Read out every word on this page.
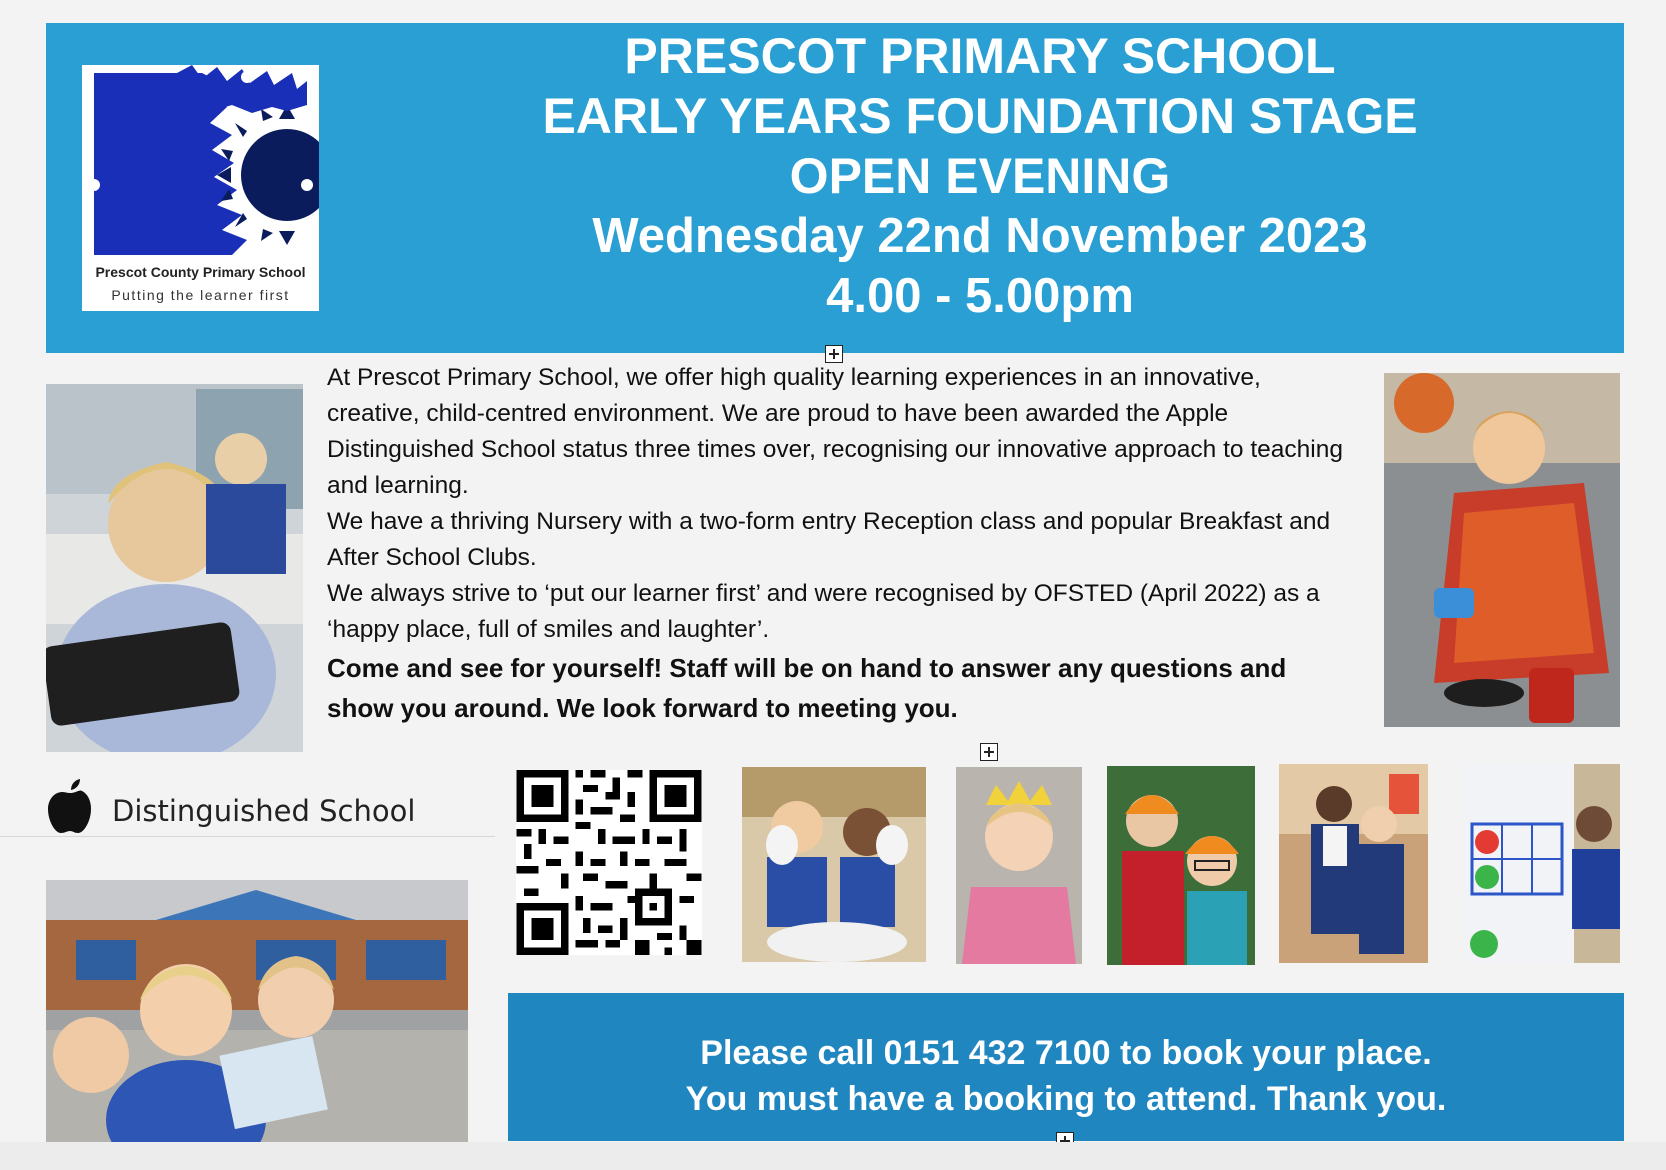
Prescot County Primary School
Putting the learner first
PRESCOT PRIMARY SCHOOL
EARLY YEARS FOUNDATION STAGE
OPEN EVENING
Wednesday 22nd November 2023
4.00 - 5.00pm

At Prescot Primary School, we offer high quality learning experiences in an innovative, creative, child-centred environment. We are proud to have been awarded the Apple Distinguished School status three times over, recognising our innovative approach to teaching and learning.

We have a thriving Nursery with a two-form entry Reception class and popular Breakfast and After School Clubs.

We always strive to ‘put our learner first’ and were recognised by OFSTED (April 2022) as a ‘happy place, full of smiles and laughter’.

Come and see for yourself! Staff will be on hand to answer any questions and show you around. We look forward to meeting you.

Distinguished School
Please call 0151 432 7100 to book your place.
You must have a booking to attend. Thank you.
